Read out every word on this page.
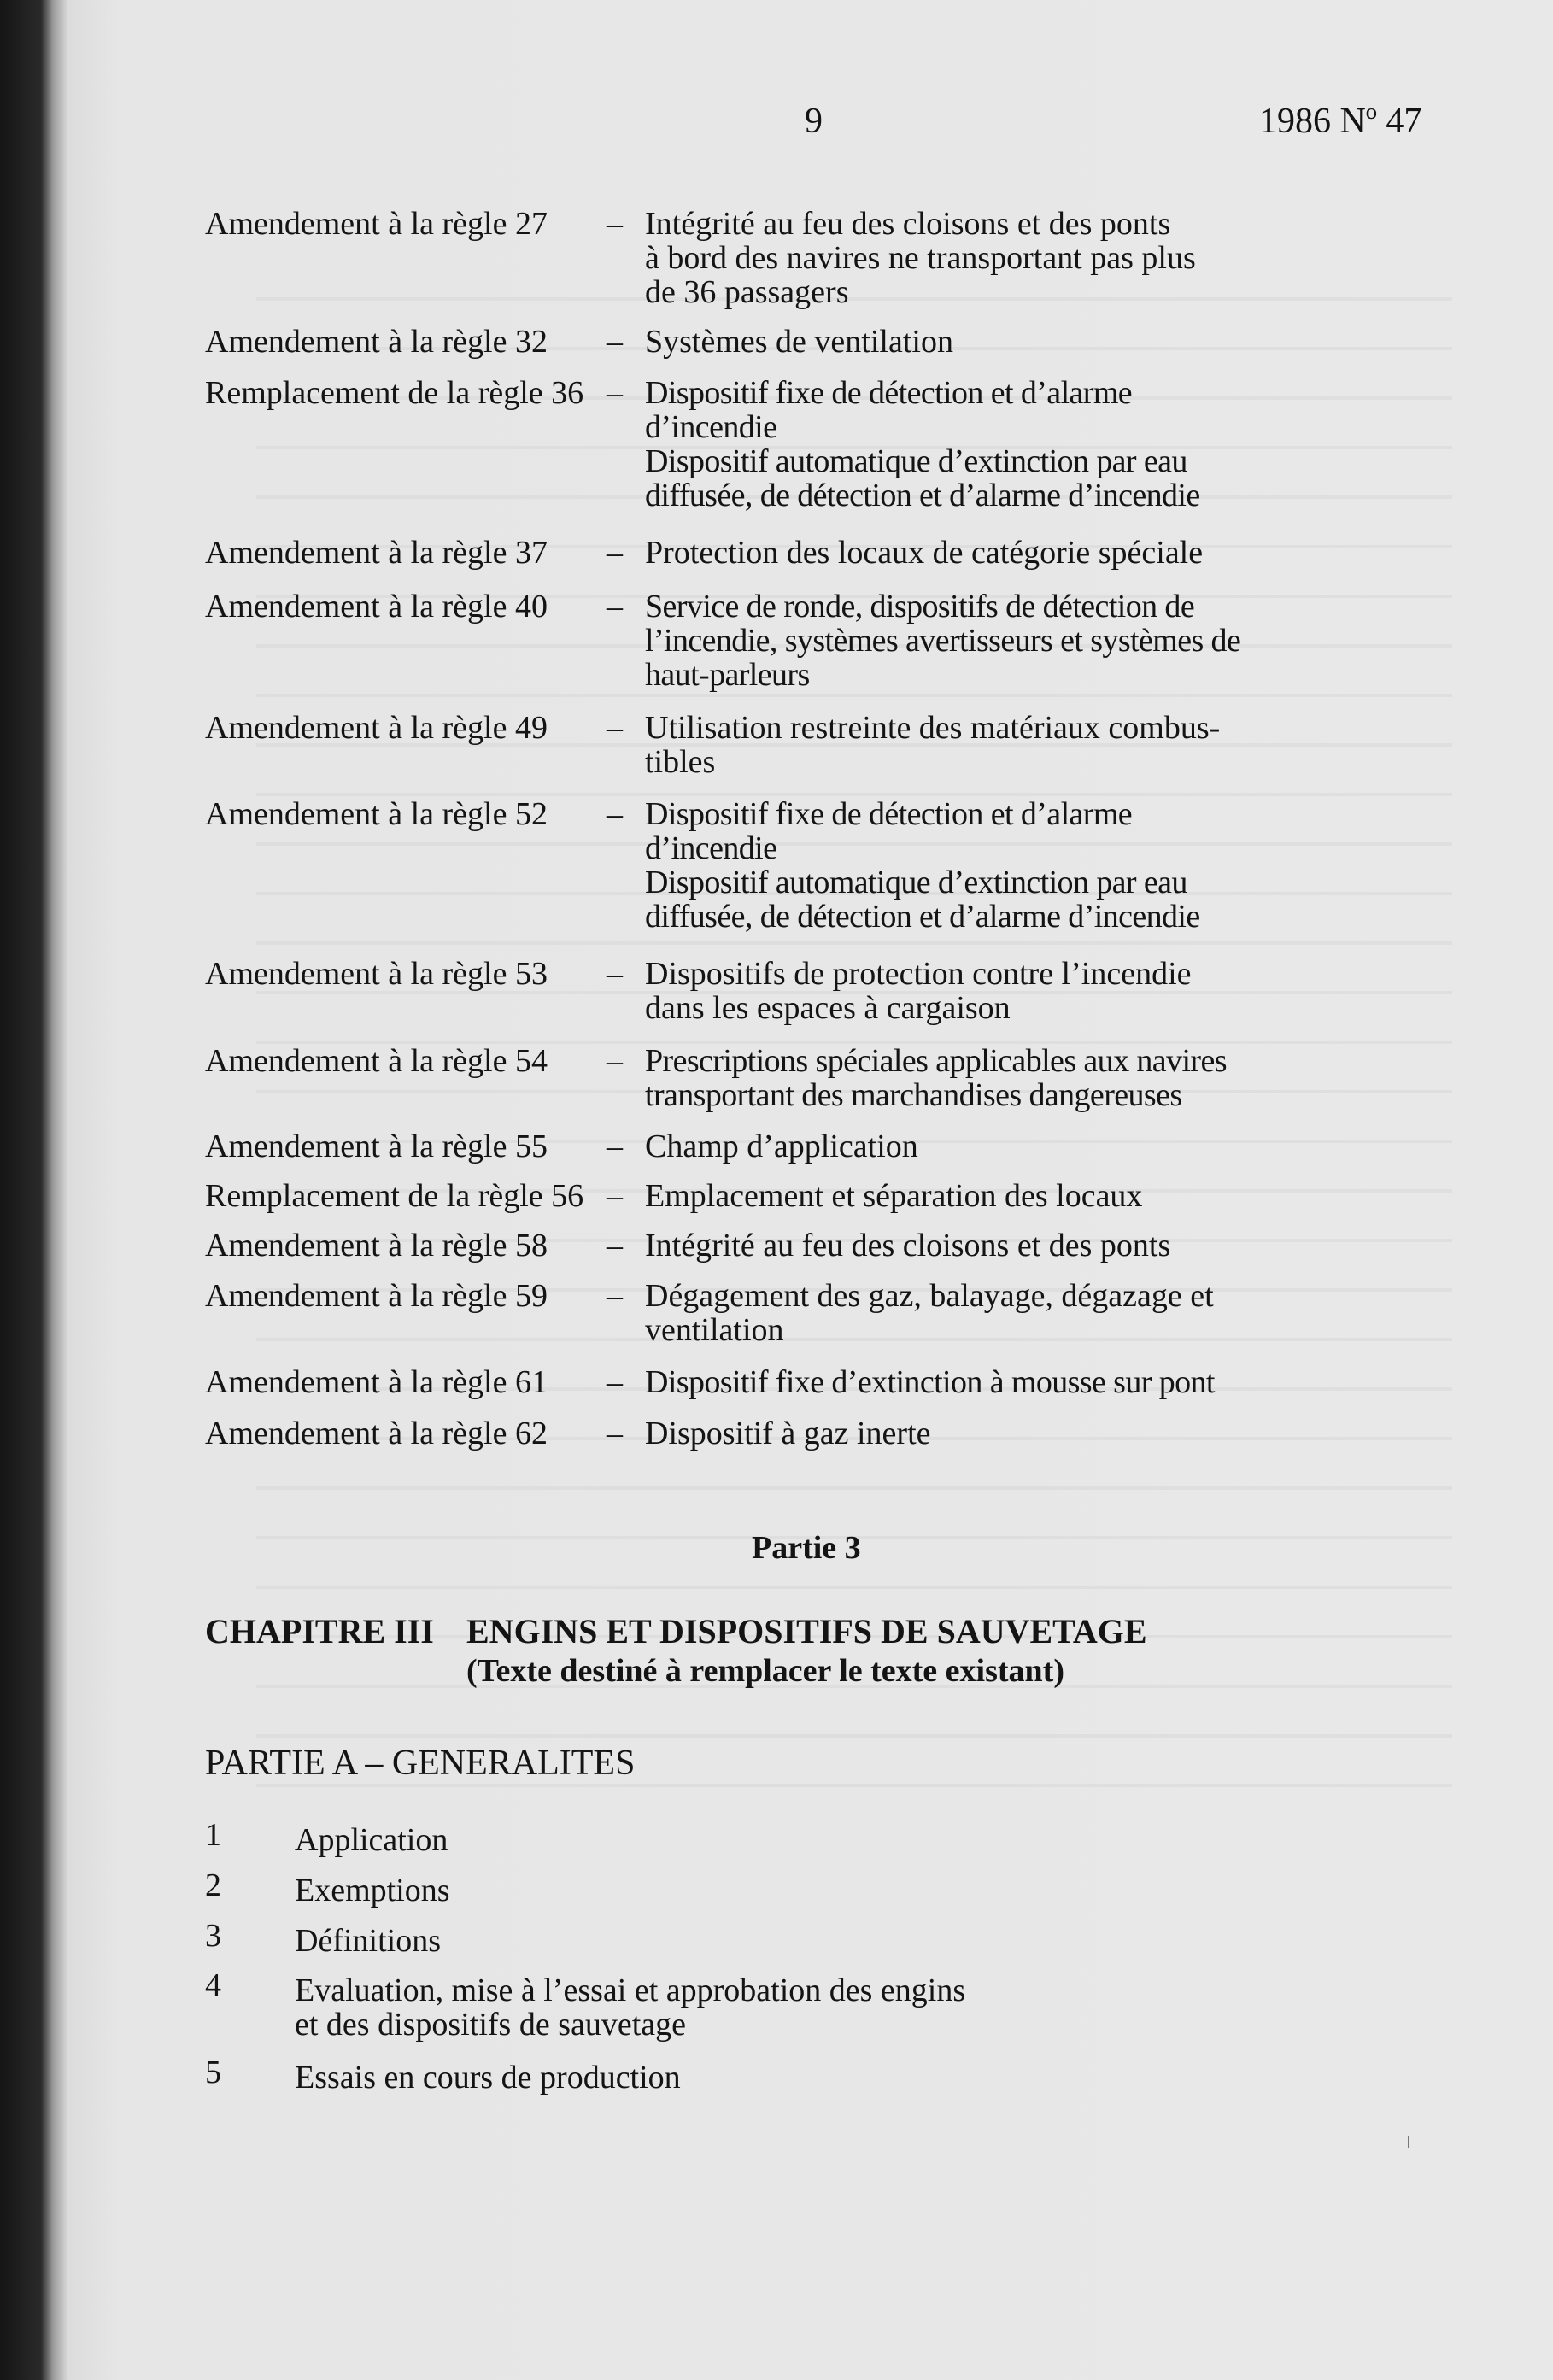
9	1986 Nº 47
Amendement à la règle 27 – Intégrité au feu des cloisons et des ponts
à bord des navires ne transportant pas plus
de 36 passagers
Amendement à la règle 32 – Systèmes de ventilation
Remplacement de la règle 36 – Dispositif fixe de détection et d’alarme
d’incendie
Dispositif automatique d’extinction par eau
diffusée, de détection et d’alarme d’incendie
Amendement à la règle 37 – Protection des locaux de catégorie spéciale
Amendement à la règle 40 – Service de ronde, dispositifs de détection de
l’incendie, systèmes avertisseurs et systèmes de
haut-parleurs
Amendement à la règle 49 – Utilisation restreinte des matériaux combus-
tibles
Amendement à la règle 52 – Dispositif fixe de détection et d’alarme
d’incendie
Dispositif automatique d’extinction par eau
diffusée, de détection et d’alarme d’incendie
Amendement à la règle 53 – Dispositifs de protection contre l’incendie
dans les espaces à cargaison
Amendement à la règle 54 – Prescriptions spéciales applicables aux navires
transportant des marchandises dangereuses
Amendement à la règle 55 – Champ d’application
Remplacement de la règle 56 – Emplacement et séparation des locaux
Amendement à la règle 58 – Intégrité au feu des cloisons et des ponts
Amendement à la règle 59 – Dégagement des gaz, balayage, dégazage et
ventilation
Amendement à la règle 61 – Dispositif fixe d’extinction à mousse sur pont
Amendement à la règle 62 – Dispositif à gaz inerte
Partie 3
CHAPITRE III ENGINS ET DISPOSITIFS DE SAUVETAGE
(Texte destiné à remplacer le texte existant)
PARTIE A – GENERALITES
1 Application
2 Exemptions
3 Définitions
4 Evaluation, mise à l’essai et approbation des engins
et des dispositifs de sauvetage
5 Essais en cours de production
